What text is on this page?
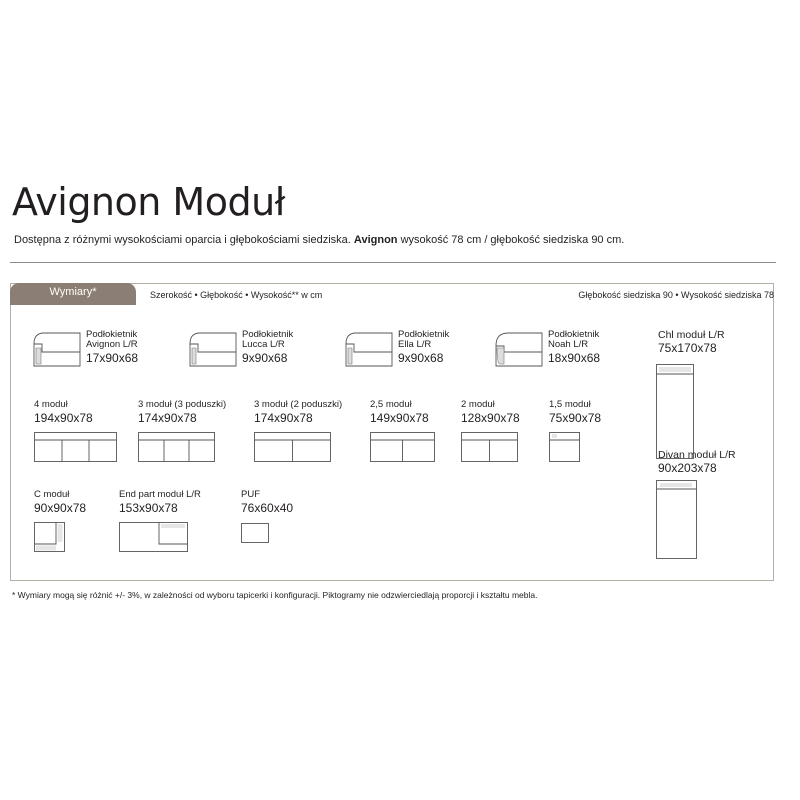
Avignon Moduł
Dostępna z różnymi wysokościami oparcia i głębokościami siedziska. Avignon wysokość 78 cm / głębokość siedziska 90 cm.
Wymiary*	Szerokość • Głębokość • Wysokość** w cm	Głębokość siedziska 90 • Wysokość siedziska 78
Podłokietnik
Avignon L/R
17x90x68
Podłokietnik
Lucca L/R
9x90x68
Podłokietnik
Ella L/R
9x90x68
Podłokietnik
Noah L/R
18x90x68
Chl moduł L/R
75x170x78
4 moduł
194x90x78
3 moduł (3 poduszki)
174x90x78
3 moduł (2 poduszki)
174x90x78
2,5 moduł
149x90x78
2 moduł
128x90x78
1,5 moduł
75x90x78
Divan moduł L/R
90x203x78
C moduł
90x90x78
End part moduł L/R
153x90x78
PUF
76x60x40
* Wymiary mogą się różnić +/- 3%, w zależności od wyboru tapicerki i konfiguracji. Piktogramy nie odzwierciedlają proporcji i kształtu mebla.
